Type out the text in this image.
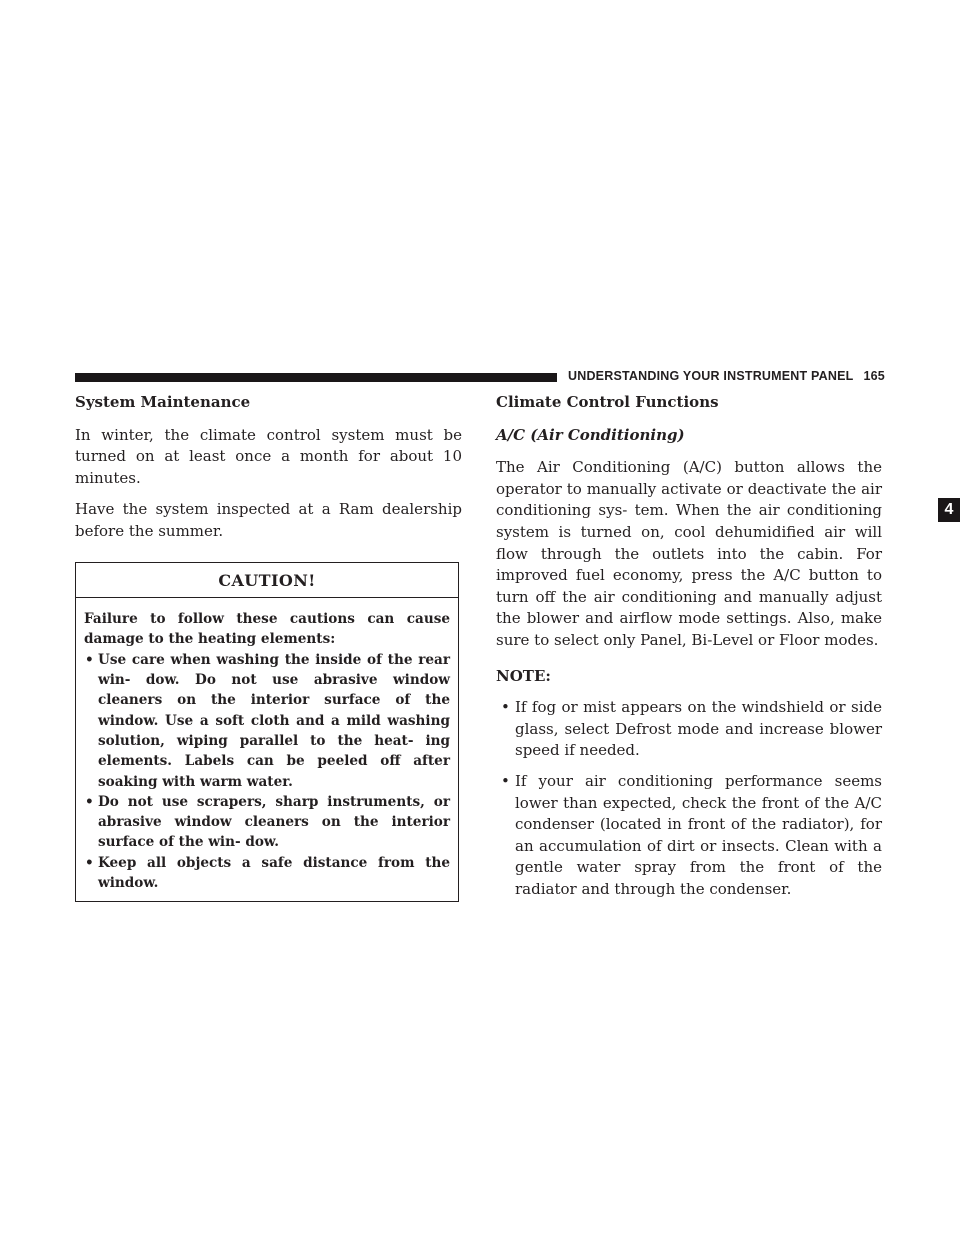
UNDERSTANDING YOUR INSTRUMENT PANEL 165
4
System Maintenance

In winter, the climate control system must be turned on at least once a month for about 10 minutes.

Have the system inspected at a Ram dealership before the summer.

CAUTION!

Failure to follow these cautions can cause damage to the heating elements:

• Use care when washing the inside of the rear win- dow. Do not use abrasive window cleaners on the interior surface of the window. Use a soft cloth and a mild washing solution, wiping parallel to the heat- ing elements. Labels can be peeled off after soaking with warm water.
• Do not use scrapers, sharp instruments, or abrasive window cleaners on the interior surface of the win- dow.
• Keep all objects a safe distance from the window.
Climate Control Functions
A/C (Air Conditioning)

The Air Conditioning (A/C) button allows the operator to manually activate or deactivate the air conditioning sys- tem. When the air conditioning system is turned on, cool dehumidified air will flow through the outlets into the cabin. For improved fuel economy, press the A/C button to turn off the air conditioning and manually adjust the blower and airflow mode settings. Also, make sure to select only Panel, Bi-Level or Floor modes.

NOTE:
• If fog or mist appears on the windshield or side glass, select Defrost mode and increase blower speed if needed.
• If your air conditioning performance seems lower than expected, check the front of the A/C condenser (located in front of the radiator), for an accumulation of dirt or insects. Clean with a gentle water spray from the front of the radiator and through the condenser.
